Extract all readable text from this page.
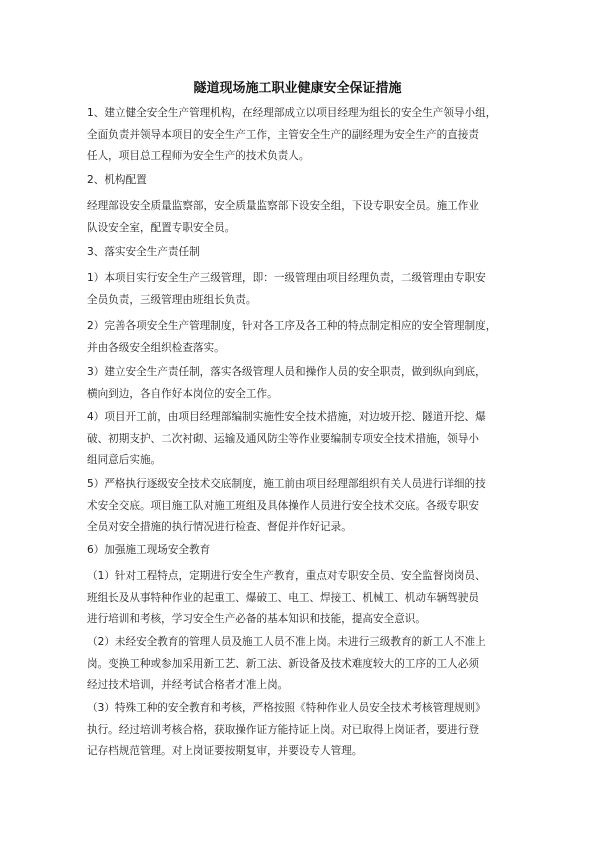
隧道现场施工职业健康安全保证措施
1、建立健全安全生产管理机构，在经理部成立以项目经理为组长的安全生产领导小组，
全面负责并领导本项目的安全生产工作，主管安全生产的副经理为安全生产的直接责
任人，项目总工程师为安全生产的技术负责人。
2、机构配置
经理部设安全质量监察部，安全质量监察部下设安全组，下设专职安全员。施工作业
队设安全室，配置专职安全员。
3、落实安全生产责任制
1）本项目实行安全生产三级管理，即：一级管理由项目经理负责，二级管理由专职安
全员负责，三级管理由班组长负责。
2）完善各项安全生产管理制度，针对各工序及各工种的特点制定相应的安全管理制度，
并由各级安全组织检查落实。
3）建立安全生产责任制，落实各级管理人员和操作人员的安全职责，做到纵向到底，
横向到边，各自作好本岗位的安全工作。
4）项目开工前，由项目经理部编制实施性安全技术措施，对边坡开挖、隧道开挖、爆
破、初期支护、二次衬砌、运输及通风防尘等作业要编制专项安全技术措施，领导小
组同意后实施。
5）严格执行逐级安全技术交底制度，施工前由项目经理部组织有关人员进行详细的技
术安全交底。项目施工队对施工班组及具体操作人员进行安全技术交底。各级专职安
全员对安全措施的执行情况进行检查、督促并作好记录。
6）加强施工现场安全教育
（1）针对工程特点，定期进行安全生产教育，重点对专职安全员、安全监督岗岗员、
班组长及从事特种作业的起重工、爆破工、电工、焊接工、机械工、机动车辆驾驶员
进行培训和考核，学习安全生产必备的基本知识和技能，提高安全意识。
（2）未经安全教育的管理人员及施工人员不准上岗。未进行三级教育的新工人不准上
岗。变换工种或参加采用新工艺、新工法、新设备及技术难度较大的工序的工人必须
经过技术培训，并经考试合格者才准上岗。
（3）特殊工种的安全教育和考核，严格按照《特种作业人员安全技术考核管理规则》
执行。经过培训考核合格，获取操作证方能持证上岗。对已取得上岗证者，要进行登
记存档规范管理。对上岗证要按期复审，并要设专人管理。
